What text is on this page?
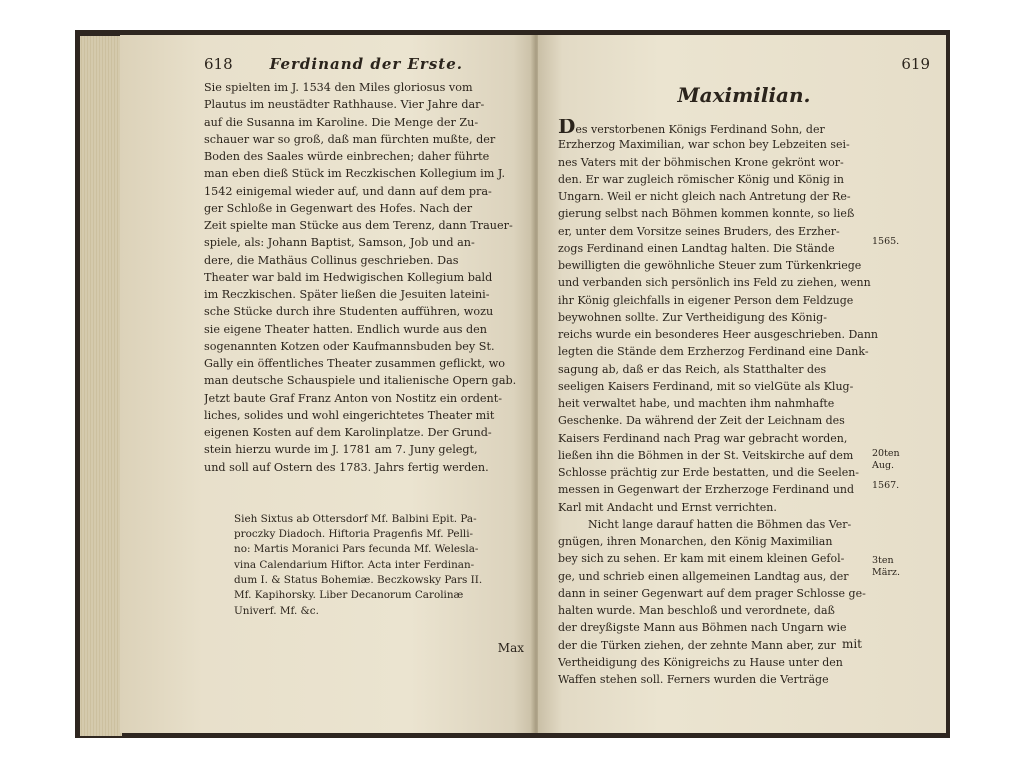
618 Ferdinand der Erste.
Sie spielten im J. 1534 den Miles gloriosus vom
Plautus im neustädter Rathhause. Vier Jahre dar-
auf die Susanna im Karoline. Die Menge der Zu-
schauer war so groß, daß man fürchten mußte, der
Boden des Saales würde einbrechen; daher führte
man eben dieß Stück im Reczkischen Kollegium im J.
1542 einigemal wieder auf, und dann auf dem pra-
ger Schloße in Gegenwart des Hofes. Nach der
Zeit spielte man Stücke aus dem Terenz, dann Trauer-
spiele, als: Johann Baptist, Samson, Job und an-
dere, die Mathäus Collinus geschrieben. Das
Theater war bald im Hedwigischen Kollegium bald
im Reczkischen. Später ließen die Jesuiten lateini-
sche Stücke durch ihre Studenten aufführen, wozu
sie eigene Theater hatten. Endlich wurde aus den
sogenannten Kotzen oder Kaufmannsbuden bey St.
Gally ein öffentliches Theater zusammen geflickt, wo
man deutsche Schauspiele und italienische Opern gab.
Jetzt baute Graf Franz Anton von Nostitz ein ordent-
liches, solides und wohl eingerichtetes Theater mit
eigenen Kosten auf dem Karolinplatze. Der Grund-
stein hierzu wurde im J. 1781 am 7. Juny gelegt,
und soll auf Ostern des 1783. Jahrs fertig werden.
Sieh Sixtus ab Ottersdorf Mf. Balbini Epit. Pa-
proczky Diadoch. Hiftoria Pragenfis Mf. Pelli-
no: Martis Moranici Pars fecunda Mf. Welesla-
vina Calendarium Hiftor. Acta inter Ferdinan-
dum I. & Status Bohemiæ. Beczkowsky Pars II.
Mf. Kapihorsky. Liber Decanorum Carolinæ
Univerf. Mf. &c.
Max
619
Maximilian.
Des verstorbenen Königs Ferdinand Sohn, der
Erzherzog Maximilian, war schon bey Lebzeiten sei-
nes Vaters mit der böhmischen Krone gekrönt wor-
den. Er war zugleich römischer König und König in
Ungarn. Weil er nicht gleich nach Antretung der Re-
gierung selbst nach Böhmen kommen konnte, so ließ
er, unter dem Vorsitze seines Bruders, des Erzher-
zogs Ferdinand einen Landtag halten. Die Stände
bewilligten die gewöhnliche Steuer zum Türkenkriege
und verbanden sich persönlich ins Feld zu ziehen, wenn
ihr König gleichfalls in eigener Person dem Feldzuge
beywohnen sollte. Zur Vertheidigung des König-
reichs wurde ein besonderes Heer ausgeschrieben. Dann
legten die Stände dem Erzherzog Ferdinand eine Dank-
sagung ab, daß er das Reich, als Statthalter des
seeligen Kaisers Ferdinand, mit so vielGüte als Klug-
heit verwaltet habe, und machten ihm nahmhafte
Geschenke. Da während der Zeit der Leichnam des
Kaisers Ferdinand nach Prag war gebracht worden,
ließen ihn die Böhmen in der St. Veitskirche auf dem
Schlosse prächtig zur Erde bestatten, und die Seelen-
messen in Gegenwart der Erzherzoge Ferdinand und
Karl mit Andacht und Ernst verrichten.
Nicht lange darauf hatten die Böhmen das Ver-
gnügen, ihren Monarchen, den König Maximilian
bey sich zu sehen. Er kam mit einem kleinen Gefol-
ge, und schrieb einen allgemeinen Landtag aus, der
dann in seiner Gegenwart auf dem prager Schlosse ge-
halten wurde. Man beschloß und verordnete, daß
der dreyßigste Mann aus Böhmen nach Ungarn wie
der die Türken ziehen, der zehnte Mann aber, zur
Vertheidigung des Königreichs zu Hause unter den
Waffen stehen soll. Ferners wurden die Verträge
mit
1565.
20ten Aug.
1567.
3ten März.
